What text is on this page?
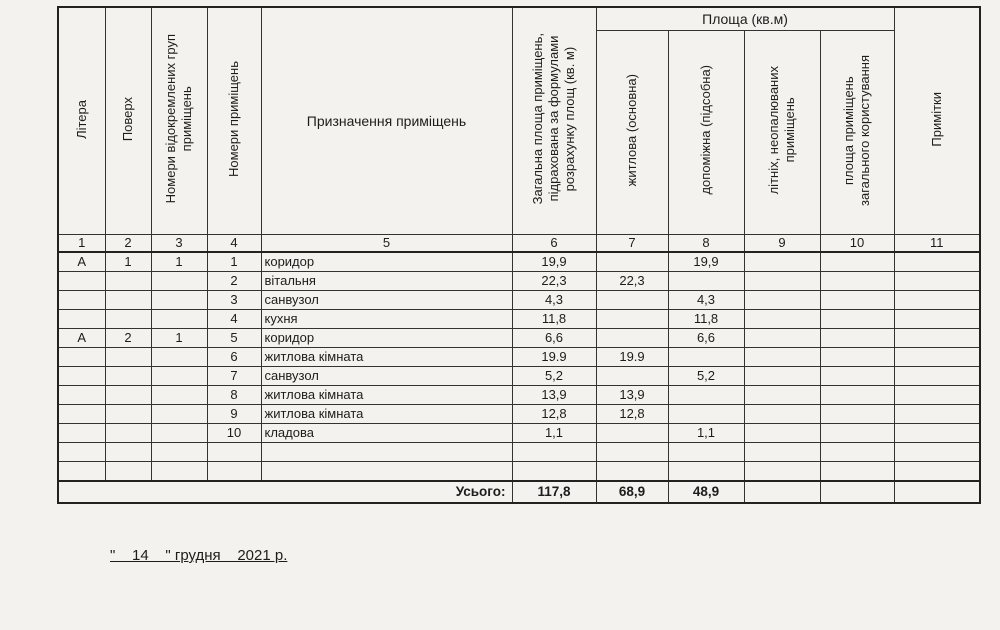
Літера	Поверх	Номери відокремлених груп
приміщень	Номери приміщень	Призначення приміщень	Загальна площа приміщень,
підрахована за формулами
розрахунку площ (кв. м)	Площа (кв.м)				Примітки
						житлова (основна)	допоміжна (підсобна)	літніх, неопалюваних
приміщень	площа приміщень
загального користування	
1	2	3	4	5	6	7	8	9	10	11
А	1	1	1	коридор	19,9		19,9			
			2	вітальня	22,3	22,3				
			3	санвузол	4,3		4,3			
			4	кухня	11,8		11,8			
А	2	1	5	коридор	6,6		6,6			
			6	житлова кімната	19.9	19.9				
			7	санвузол	5,2		5,2			
			8	житлова кімната	13,9	13,9				
			9	житлова кімната	12,8	12,8				
			10	кладова	1,1		1,1			

Усього:					117,8	68,9	48,9			
"    14    " грудня    2021 р.
